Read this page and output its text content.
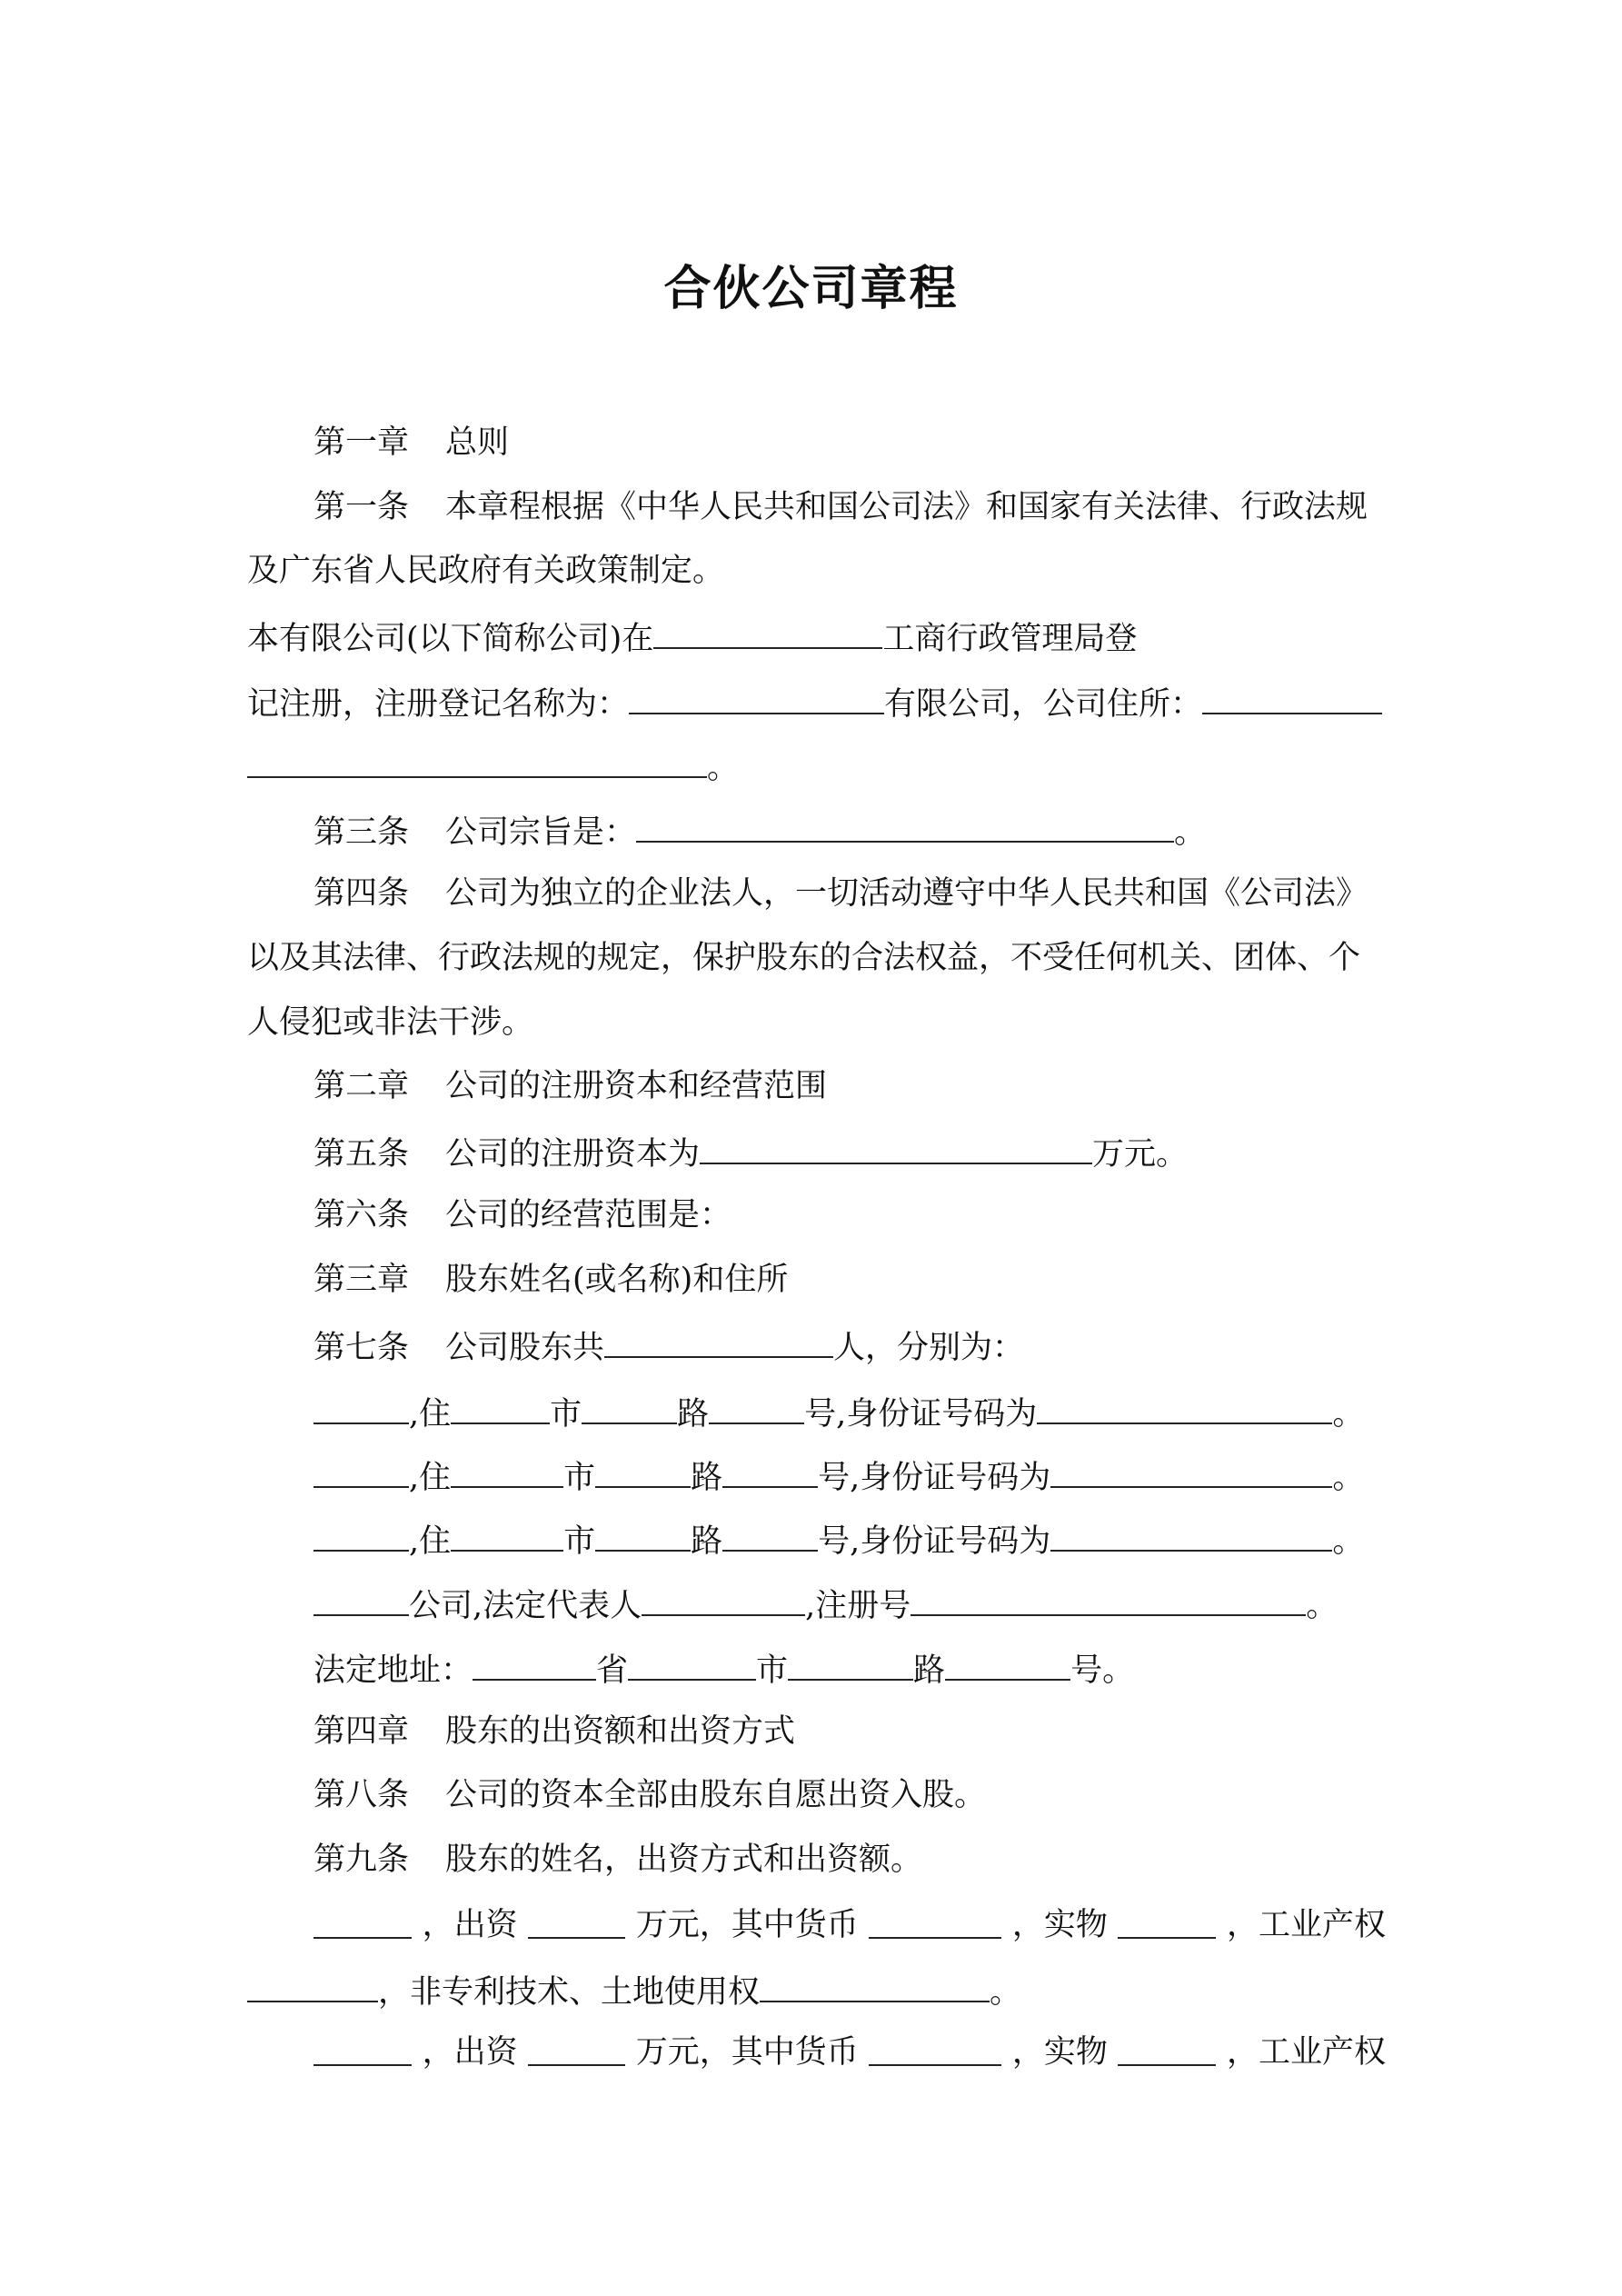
合伙公司章程
第一章 总则
第一条 本章程根据《中华人民共和国公司法》和国家有关法律、行政法规
及广东省人民政府有关政策制定。
本有限公司(以下简称公司)在	工商行政管理局登
记注册，注册登记名称为：	有限公司，公司住所：
。
第三条 公司宗旨是：	。
第四条 公司为独立的企业法人，一切活动遵守中华人民共和国《公司法》
以及其法律、行政法规的规定，保护股东的合法权益，不受任何机关、团体、个
人侵犯或非法干涉。
第二章 公司的注册资本和经营范围
第五条 公司的注册资本为	万元。
第六条 公司的经营范围是：
第三章 股东姓名(或名称)和住所
第七条 公司股东共	人，分别为：
,住	市	路	号,身份证号码为	。
,住	市	路	号,身份证号码为	。
,住	市	路	号,身份证号码为	。
公司,法定代表人	,注册号	。
法定地址：	省	市	路	号。
第四章 股东的出资额和出资方式
第八条 公司的资本全部由股东自愿出资入股。
第九条 股东的姓名，出资方式和出资额。
，出资	万元，其中货币	，实物	，工业产权
，非专利技术、土地使用权	。
，出资	万元，其中货币	，实物	，工业产权
